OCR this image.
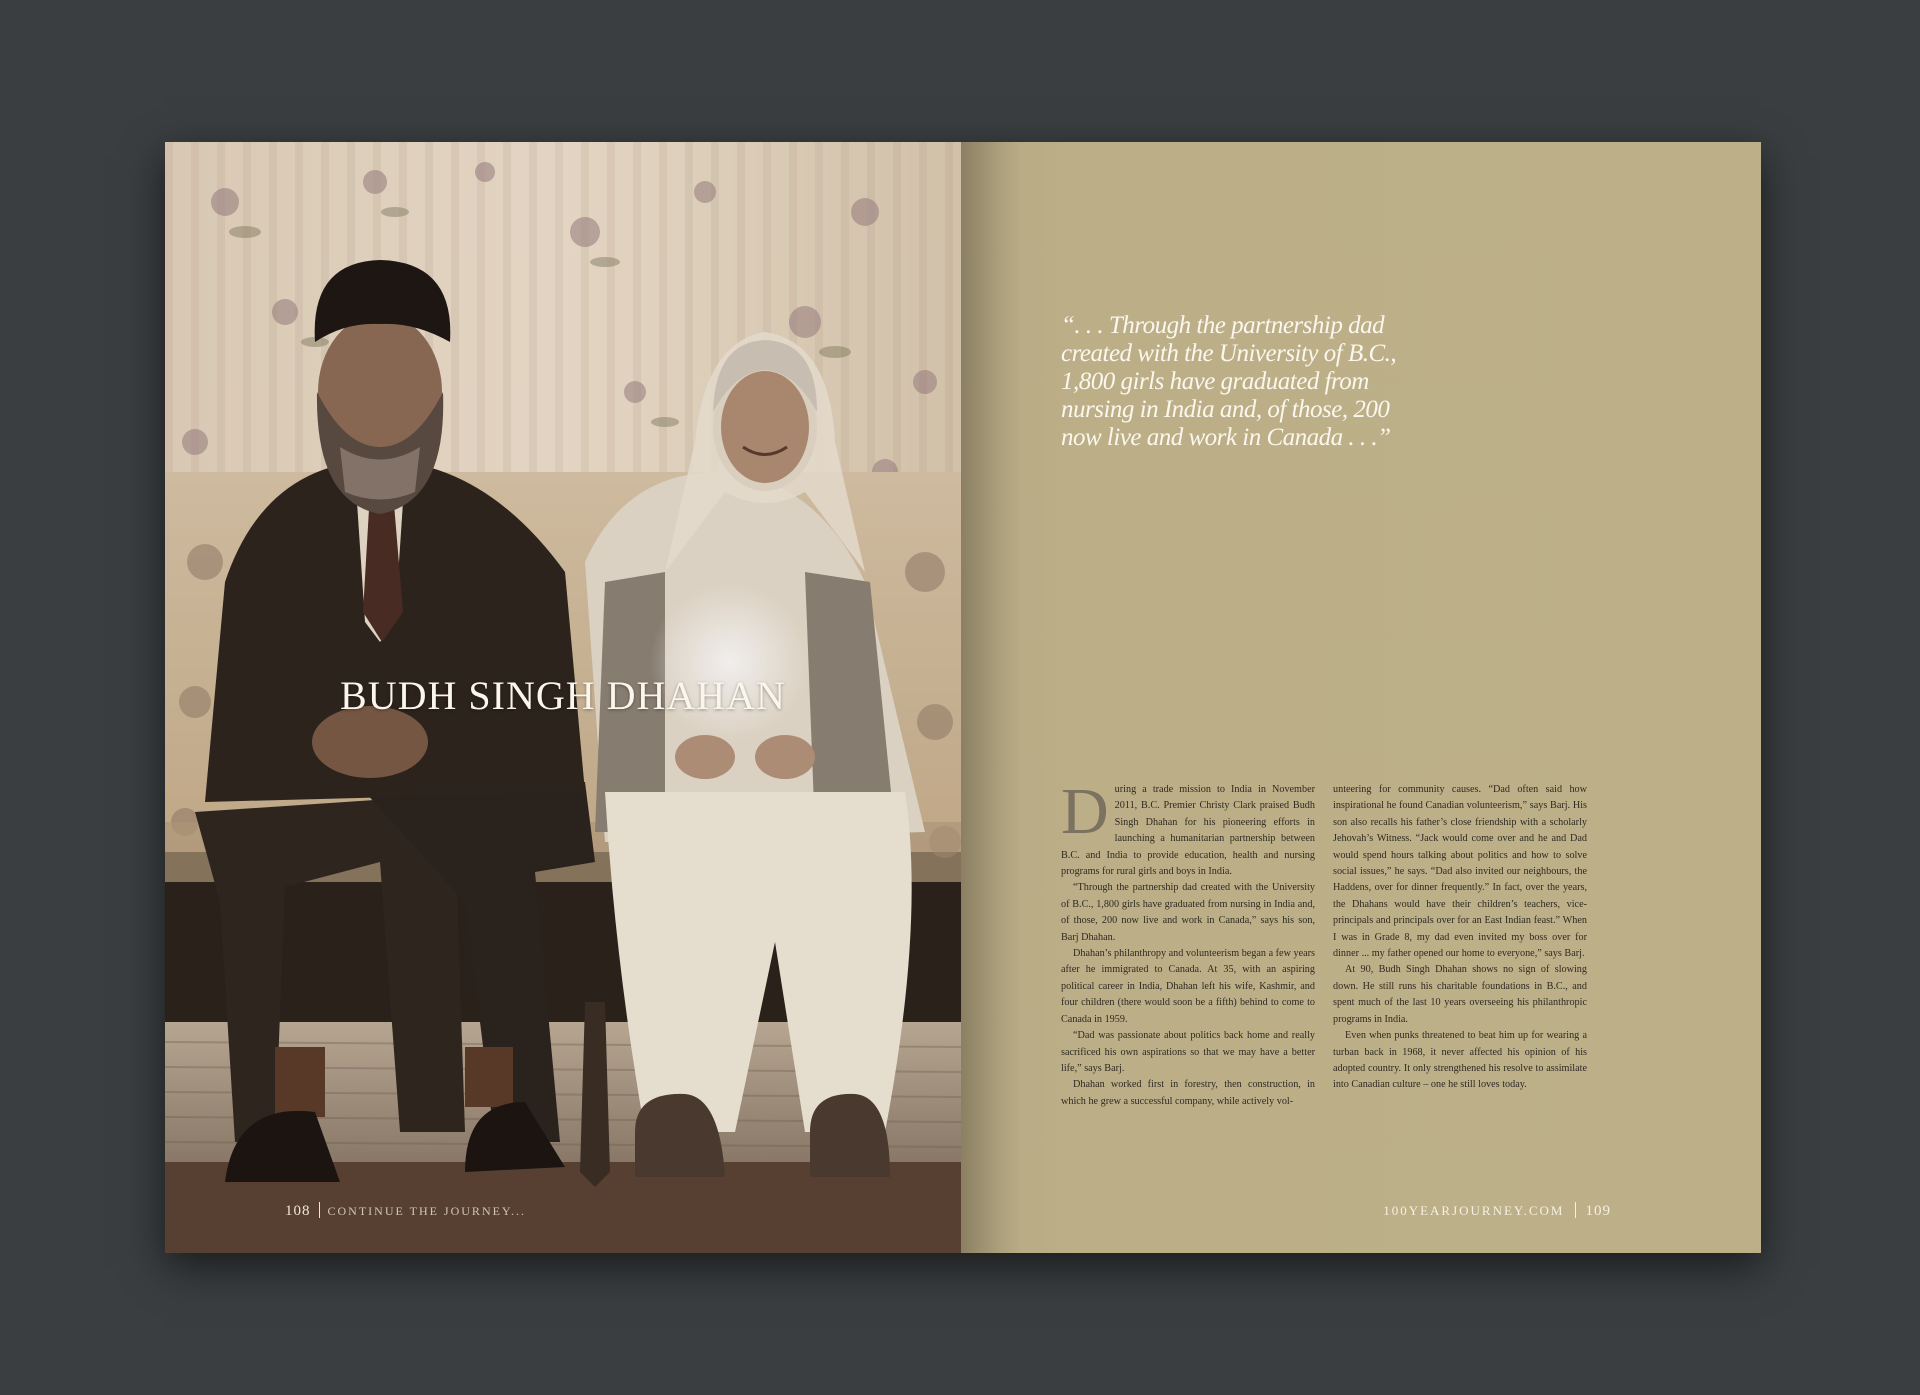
BUDH SINGH DHAHAN
108 CONTINUE THE JOURNEY...

“. . . Through the partnership dad

created with the University of B.C.,

1,800 girls have graduated from

nursing in India and, of those, 200

now live and work in Canada . . .”

During a trade mission to India in November 2011, B.C. Premier Christy Clark praised Budh Singh Dhahan for his pioneering efforts in launching a humanitarian partnership between B.C. and India to provide education, health and nursing programs for rural girls and boys in India.

“Through the partnership dad created with the University of B.C., 1,800 girls have graduated from nursing in India and, of those, 200 now live and work in Canada,” says his son, Barj Dhahan.

Dhahan’s philanthropy and volunteerism began a few years after he immigrated to Canada. At 35, with an aspiring political career in India, Dhahan left his wife, Kashmir, and four children (there would soon be a fifth) behind to come to Canada in 1959.

“Dad was passionate about politics back home and really sacrificed his own aspirations so that we may have a better life,” says Barj.

Dhahan worked first in forestry, then construction, in which he grew a successful company, while actively vol-

unteering for community causes. “Dad often said how inspirational he found Canadian volunteerism,” says Barj. His son also recalls his father’s close friendship with a scholarly Jehovah’s Witness. “Jack would come over and he and Dad would spend hours talking about politics and how to solve social issues,” he says. “Dad also invited our neighbours, the Haddens, over for dinner frequently.” In fact, over the years, the Dhahans would have their children’s teachers, vice-principals and principals over for an East Indian feast.” When I was in Grade 8, my dad even invited my boss over for dinner ... my father opened our home to everyone,” says Barj.

At 90, Budh Singh Dhahan shows no sign of slowing down. He still runs his charitable foundations in B.C., and spent much of the last 10 years overseeing his philanthropic programs in India.

Even when punks threatened to beat him up for wearing a turban back in 1968, it never affected his opinion of his adopted country. It only strengthened his resolve to assimilate into Canadian culture – one he still loves today.

100YEARJOURNEY.COM 109
